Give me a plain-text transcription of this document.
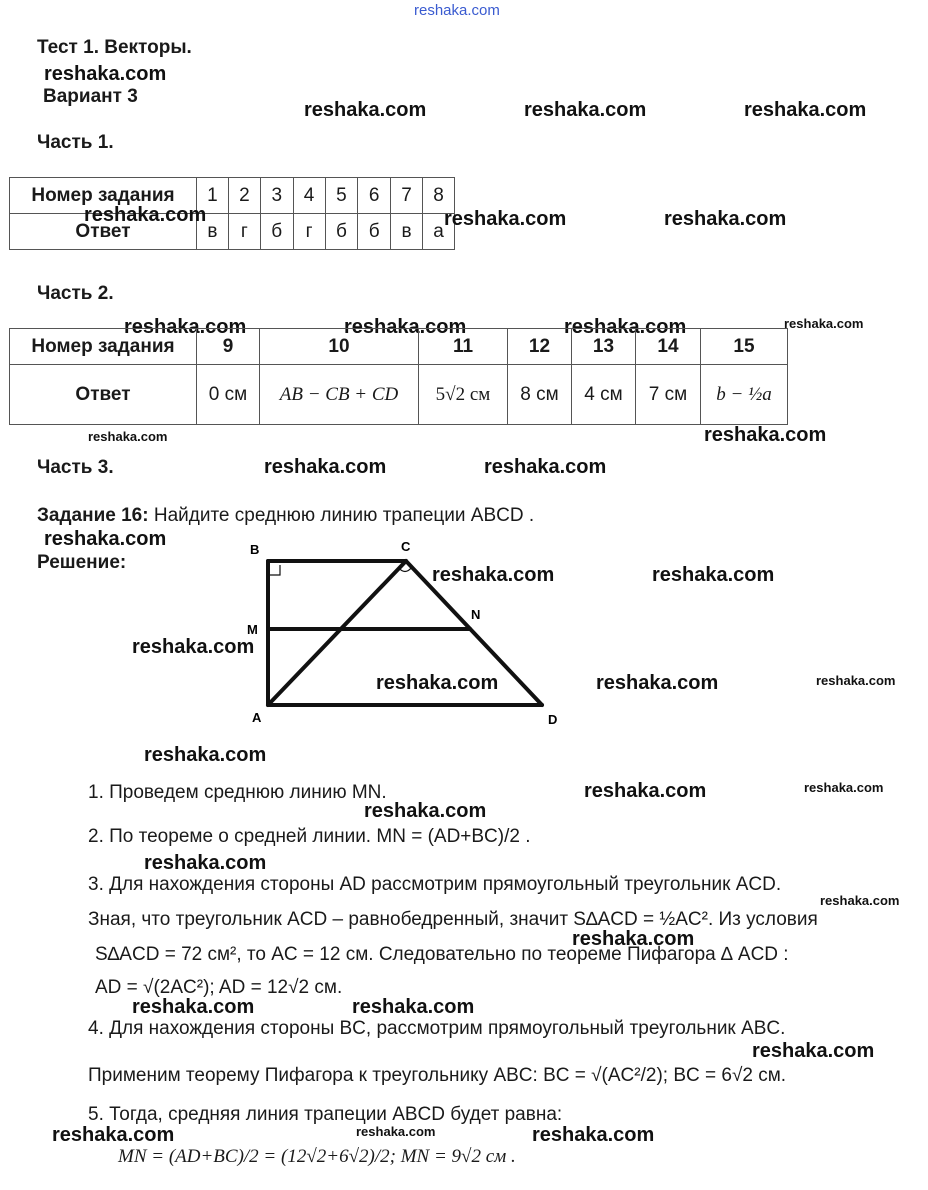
reshaka.com
Тест 1. Векторы.
reshaka.com
Вариант 3
reshaka.com	reshaka.com	reshaka.com
Часть 1.
Номер задания	1	2	3	4	5	6	7	8
Ответ	в	г	б	г	б	б	в	а
reshaka.com	reshaka.com	reshaka.com
Часть 2.
reshaka.com	reshaka.com	reshaka.com	reshaka.com
Номер задания	9	10	11	12	13	14	15
Ответ	0 см	AB − CB + CD	5√2 см	8 см	4 см	7 см	b − ½a
reshaka.com	reshaka.com
Часть 3.	reshaka.com	reshaka.com
Задание 16: Найдите среднюю линию трапеции ABCD .
reshaka.com
Решение:
B	C
M
N
A	D
reshaka.com	reshaka.com
reshaka.com
reshaka.com	reshaka.com	reshaka.com
reshaka.com
1. Проведем среднюю линию MN.	reshaka.com	reshaka.com
reshaka.com
2. По теореме о средней линии. MN = (AD+BC)/2 .
reshaka.com
3. Для нахождения стороны AD рассмотрим прямоугольный треугольник ACD.
reshaka.com
Зная, что треугольник ACD – равнобедренный, значит S∆ACD = ½AC². Из условия
reshaka.com
S∆ACD = 72 см², то AC = 12 см. Следовательно по теореме Пифагора ∆ ACD :
AD = √(2AC²); AD = 12√2 см.
reshaka.com	reshaka.com
4. Для нахождения стороны BC, рассмотрим прямоугольный треугольник ABC.
reshaka.com
Применим теорему Пифагора к треугольнику ABC: BC = √(AC²/2); BC = 6√2 см.
5. Тогда, средняя линия трапеции ABCD будет равна:
reshaka.com
reshaka.com	reshaka.com
MN = (AD+BC)/2 = (12√2+6√2)/2; MN = 9√2 см .
